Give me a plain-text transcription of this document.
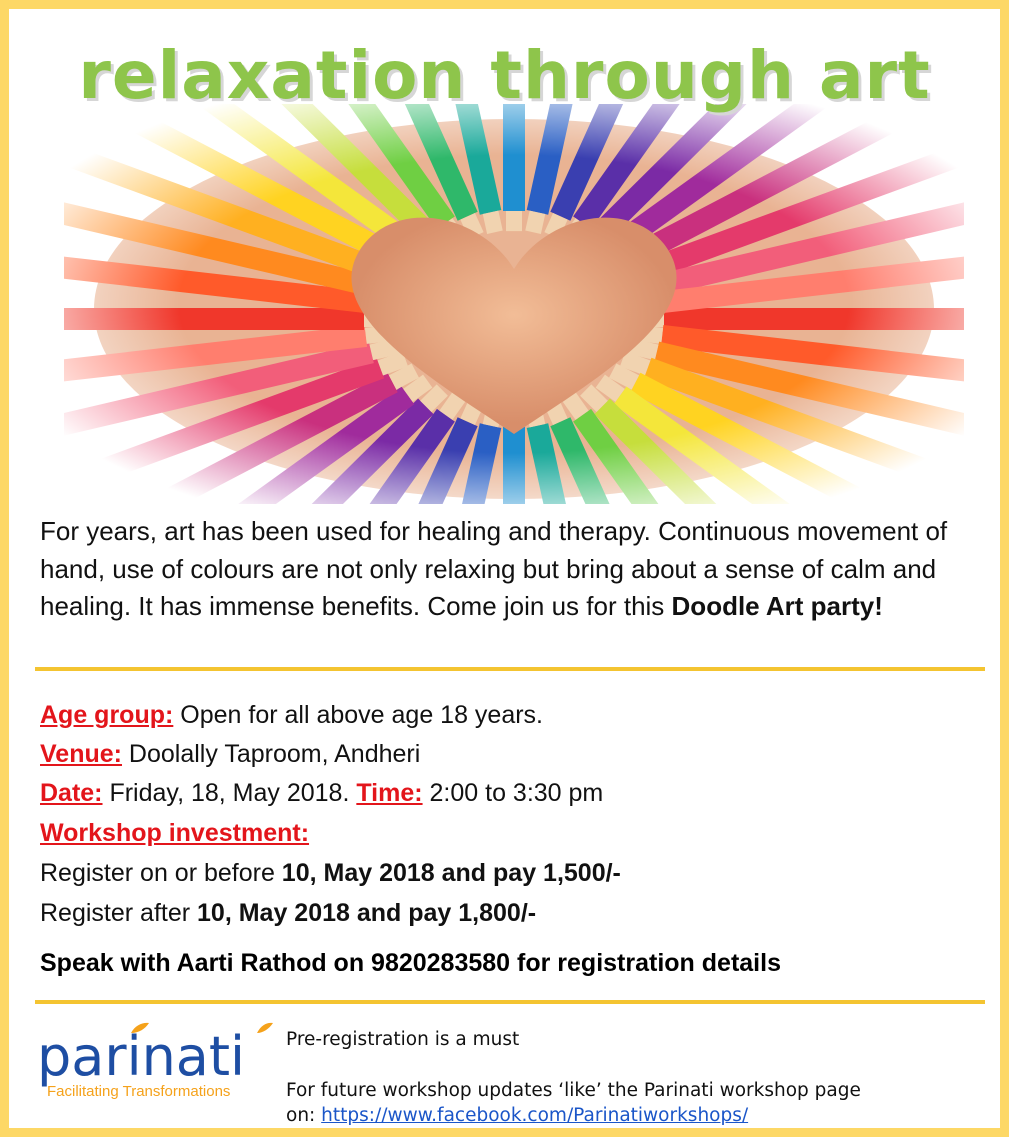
relaxation through art
For years, art has been used for healing and therapy. Continuous movement of hand, use of colours are not only relaxing but bring about a sense of calm and healing. It has immense benefits. Come join us for this Doodle Art party!
Age group: Open for all above age 18 years.
Venue: Doolally Taproom, Andheri
Date: Friday, 18, May 2018. Time: 2:00 to 3:30 pm
Workshop investment:
Register on or before 10, May 2018 and pay 1,500/-
Register after 10, May 2018 and pay 1,800/-
Speak with Aarti Rathod on 9820283580 for registration details
parinati
Facilitating Transformations
Pre-registration is a must
For future workshop updates ‘like’ the Parinati workshop page
on: https://www.facebook.com/Parinatiworkshops/
